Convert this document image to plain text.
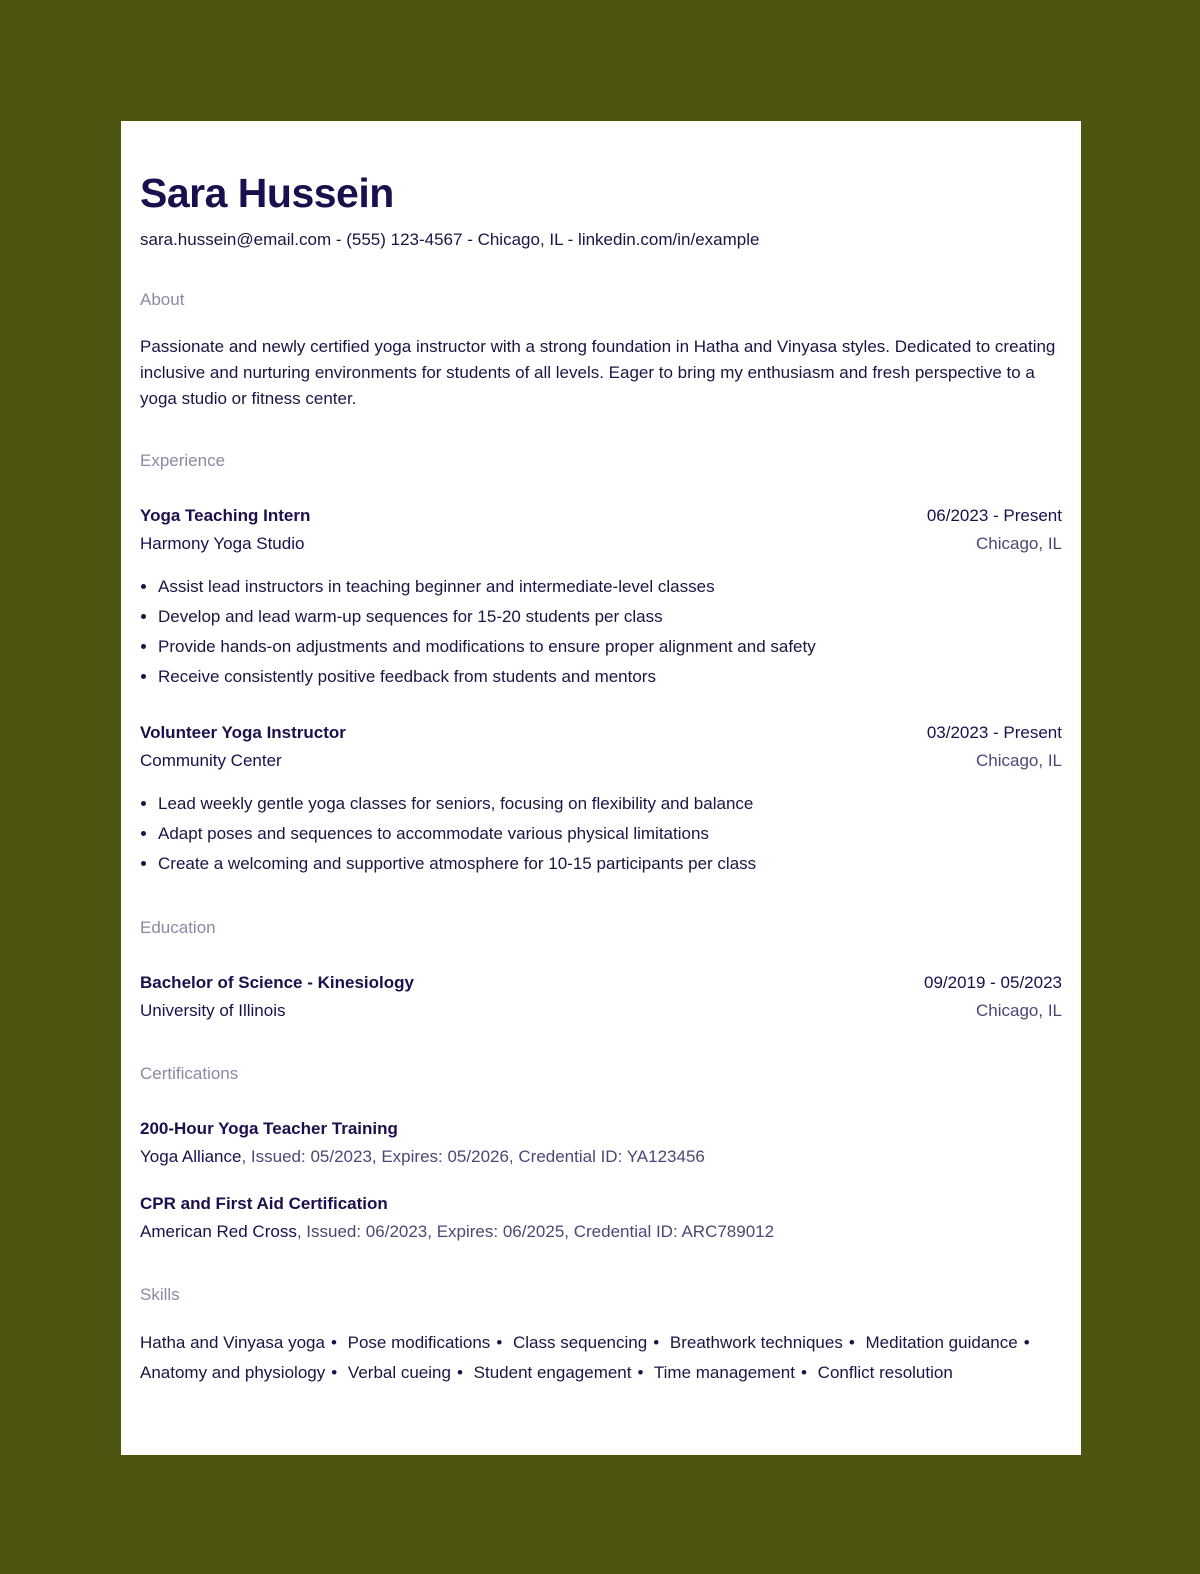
Sara Hussein
sara.hussein@email.com - (555) 123-4567 - Chicago, IL - linkedin.com/in/example
About
Passionate and newly certified yoga instructor with a strong foundation in Hatha and Vinyasa styles. Dedicated to creating inclusive and nurturing environments for students of all levels. Eager to bring my enthusiasm and fresh perspective to a yoga studio or fitness center.
Experience
Yoga Teaching Intern	06/2023 - Present
Harmony Yoga Studio	Chicago, IL
• Assist lead instructors in teaching beginner and intermediate-level classes
• Develop and lead warm-up sequences for 15-20 students per class
• Provide hands-on adjustments and modifications to ensure proper alignment and safety
• Receive consistently positive feedback from students and mentors
Volunteer Yoga Instructor	03/2023 - Present
Community Center	Chicago, IL
• Lead weekly gentle yoga classes for seniors, focusing on flexibility and balance
• Adapt poses and sequences to accommodate various physical limitations
• Create a welcoming and supportive atmosphere for 10-15 participants per class
Education
Bachelor of Science - Kinesiology	09/2019 - 05/2023
University of Illinois	Chicago, IL
Certifications
200-Hour Yoga Teacher Training
Yoga Alliance, Issued: 05/2023, Expires: 05/2026, Credential ID: YA123456
CPR and First Aid Certification
American Red Cross, Issued: 06/2023, Expires: 06/2025, Credential ID: ARC789012
Skills
Hatha and Vinyasa yoga • Pose modifications • Class sequencing • Breathwork techniques • Meditation guidance • Anatomy and physiology • Verbal cueing • Student engagement • Time management • Conflict resolution
